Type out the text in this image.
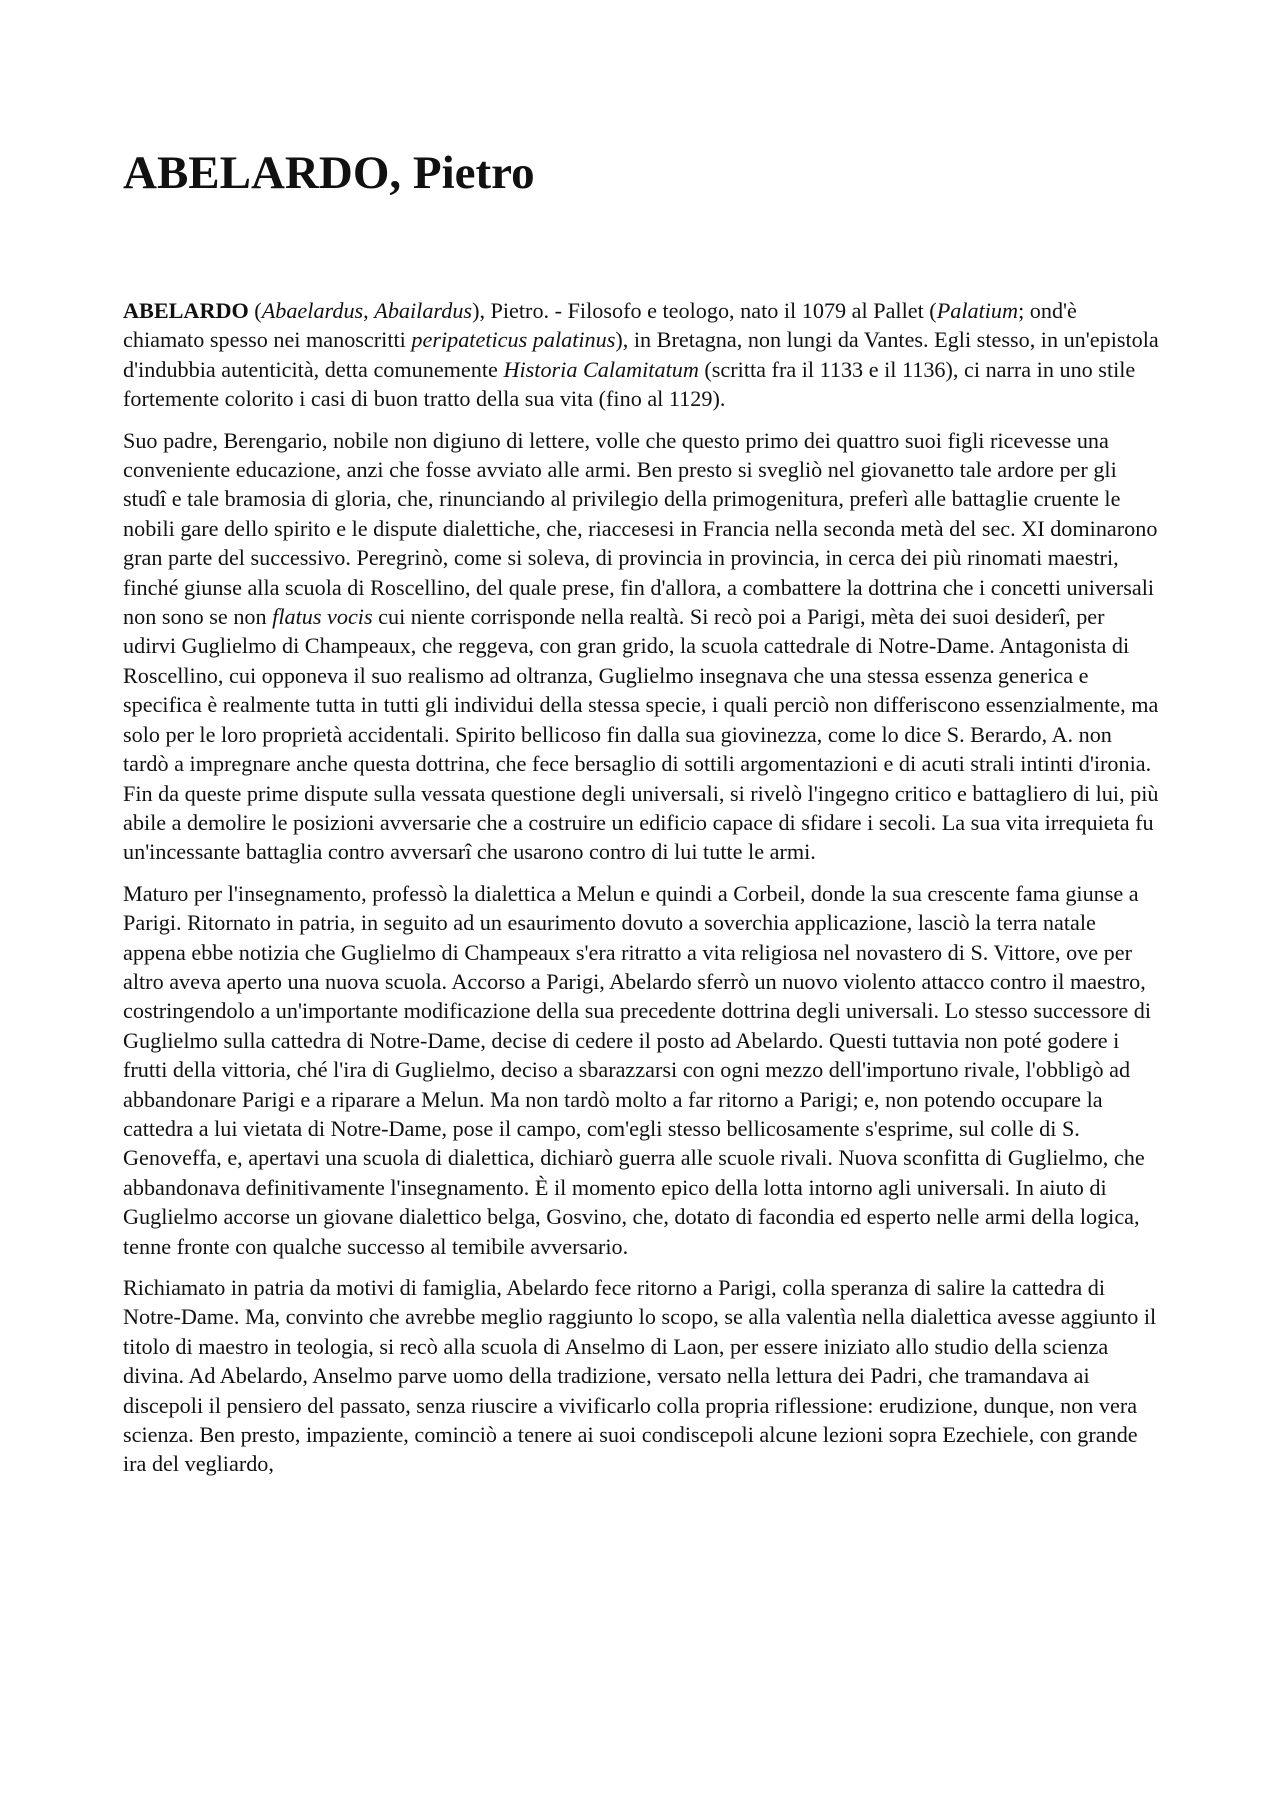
ABELARDO, Pietro

ABELARDO (Abaelardus, Abailardus), Pietro. - Filosofo e teologo, nato il 1079 al Pallet (Palatium; ond'è chiamato spesso nei manoscritti peripateticus palatinus), in Bretagna, non lungi da Vantes. Egli stesso, in un'epistola d'indubbia autenticità, detta comunemente Historia Calamitatum (scritta fra il 1133 e il 1136), ci narra in uno stile fortemente colorito i casi di buon tratto della sua vita (fino al 1129).

Suo padre, Berengario, nobile non digiuno di lettere, volle che questo primo dei quattro suoi figli ricevesse una conveniente educazione, anzi che fosse avviato alle armi. Ben presto si svegliò nel giovanetto tale ardore per gli studî e tale bramosia di gloria, che, rinunciando al privilegio della primogenitura, preferì alle battaglie cruente le nobili gare dello spirito e le dispute dialettiche, che, riaccesesi in Francia nella seconda metà del sec. XI dominarono gran parte del successivo. Peregrinò, come si soleva, di provincia in provincia, in cerca dei più rinomati maestri, finché giunse alla scuola di Roscellino, del quale prese, fin d'allora, a combattere la dottrina che i concetti universali non sono se non flatus vocis cui niente corrisponde nella realtà. Si recò poi a Parigi, mèta dei suoi desiderî, per udirvi Guglielmo di Champeaux, che reggeva, con gran grido, la scuola cattedrale di Notre-Dame. Antagonista di Roscellino, cui opponeva il suo realismo ad oltranza, Guglielmo insegnava che una stessa essenza generica e specifica è realmente tutta in tutti gli individui della stessa specie, i quali perciò non differiscono essenzialmente, ma solo per le loro proprietà accidentali. Spirito bellicoso fin dalla sua giovinezza, come lo dice S. Berardo, A. non tardò a impregnare anche questa dottrina, che fece bersaglio di sottili argomentazioni e di acuti strali intinti d'ironia. Fin da queste prime dispute sulla vessata questione degli universali, si rivelò l'ingegno critico e battagliero di lui, più abile a demolire le posizioni avversarie che a costruire un edificio capace di sfidare i secoli. La sua vita irrequieta fu un'incessante battaglia contro avversarî che usarono contro di lui tutte le armi.

Maturo per l'insegnamento, professò la dialettica a Melun e quindi a Corbeil, donde la sua crescente fama giunse a Parigi. Ritornato in patria, in seguito ad un esaurimento dovuto a soverchia applicazione, lasciò la terra natale appena ebbe notizia che Guglielmo di Champeaux s'era ritratto a vita religiosa nel novastero di S. Vittore, ove per altro aveva aperto una nuova scuola. Accorso a Parigi, Abelardo sferrò un nuovo violento attacco contro il maestro, costringendolo a un'importante modificazione della sua precedente dottrina degli universali. Lo stesso successore di Guglielmo sulla cattedra di Notre-Dame, decise di cedere il posto ad Abelardo. Questi tuttavia non poté godere i frutti della vittoria, ché l'ira di Guglielmo, deciso a sbarazzarsi con ogni mezzo dell'importuno rivale, l'obbligò ad abbandonare Parigi e a riparare a Melun. Ma non tardò molto a far ritorno a Parigi; e, non potendo occupare la cattedra a lui vietata di Notre-Dame, pose il campo, com'egli stesso bellicosamente s'esprime, sul colle di S. Genoveffa, e, apertavi una scuola di dialettica, dichiarò guerra alle scuole rivali. Nuova sconfitta di Guglielmo, che abbandonava definitivamente l'insegnamento. È il momento epico della lotta intorno agli universali. In aiuto di Guglielmo accorse un giovane dialettico belga, Gosvino, che, dotato di facondia ed esperto nelle armi della logica, tenne fronte con qualche successo al temibile avversario.

Richiamato in patria da motivi di famiglia, Abelardo fece ritorno a Parigi, colla speranza di salire la cattedra di Notre-Dame. Ma, convinto che avrebbe meglio raggiunto lo scopo, se alla valentìa nella dialettica avesse aggiunto il titolo di maestro in teologia, si recò alla scuola di Anselmo di Laon, per essere iniziato allo studio della scienza divina. Ad Abelardo, Anselmo parve uomo della tradizione, versato nella lettura dei Padri, che tramandava ai discepoli il pensiero del passato, senza riuscire a vivificarlo colla propria riflessione: erudizione, dunque, non vera scienza. Ben presto, impaziente, cominciò a tenere ai suoi condiscepoli alcune lezioni sopra Ezechiele, con grande ira del vegliardo,
